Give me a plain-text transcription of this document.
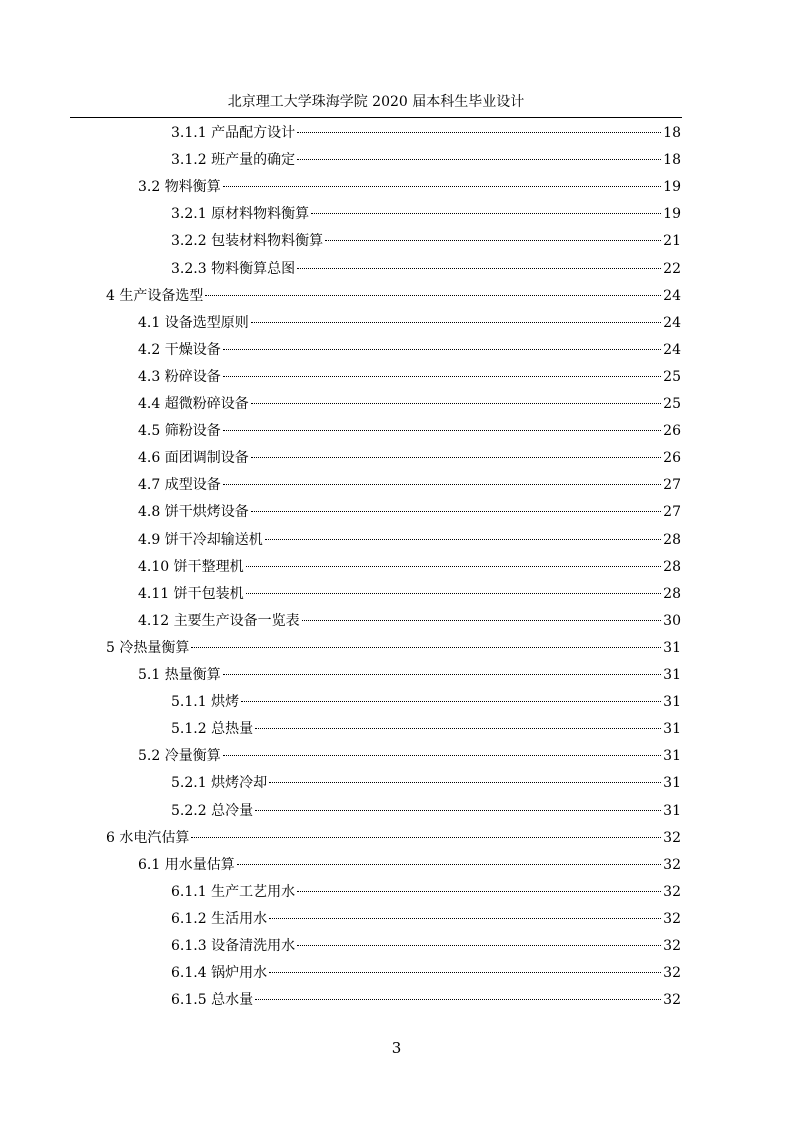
北京理工大学珠海学院 2020 届本科生毕业设计
3.1.1 产品配方设计	18
3.1.2 班产量的确定	18
3.2 物料衡算	19
3.2.1 原材料物料衡算	19
3.2.2 包装材料物料衡算	21
3.2.3 物料衡算总图	22
4 生产设备选型	24
4.1 设备选型原则	24
4.2 干燥设备	24
4.3 粉碎设备	25
4.4 超微粉碎设备	25
4.5 筛粉设备	26
4.6 面团调制设备	26
4.7 成型设备	27
4.8 饼干烘烤设备	27
4.9 饼干冷却输送机	28
4.10 饼干整理机	28
4.11 饼干包装机	28
4.12 主要生产设备一览表	30
5 冷热量衡算	31
5.1 热量衡算	31
5.1.1 烘烤	31
5.1.2 总热量	31
5.2 冷量衡算	31
5.2.1 烘烤冷却	31
5.2.2 总冷量	31
6 水电汽估算	32
6.1 用水量估算	32
6.1.1 生产工艺用水	32
6.1.2 生活用水	32
6.1.3 设备清洗用水	32
6.1.4 锅炉用水	32
6.1.5 总水量	32
3
